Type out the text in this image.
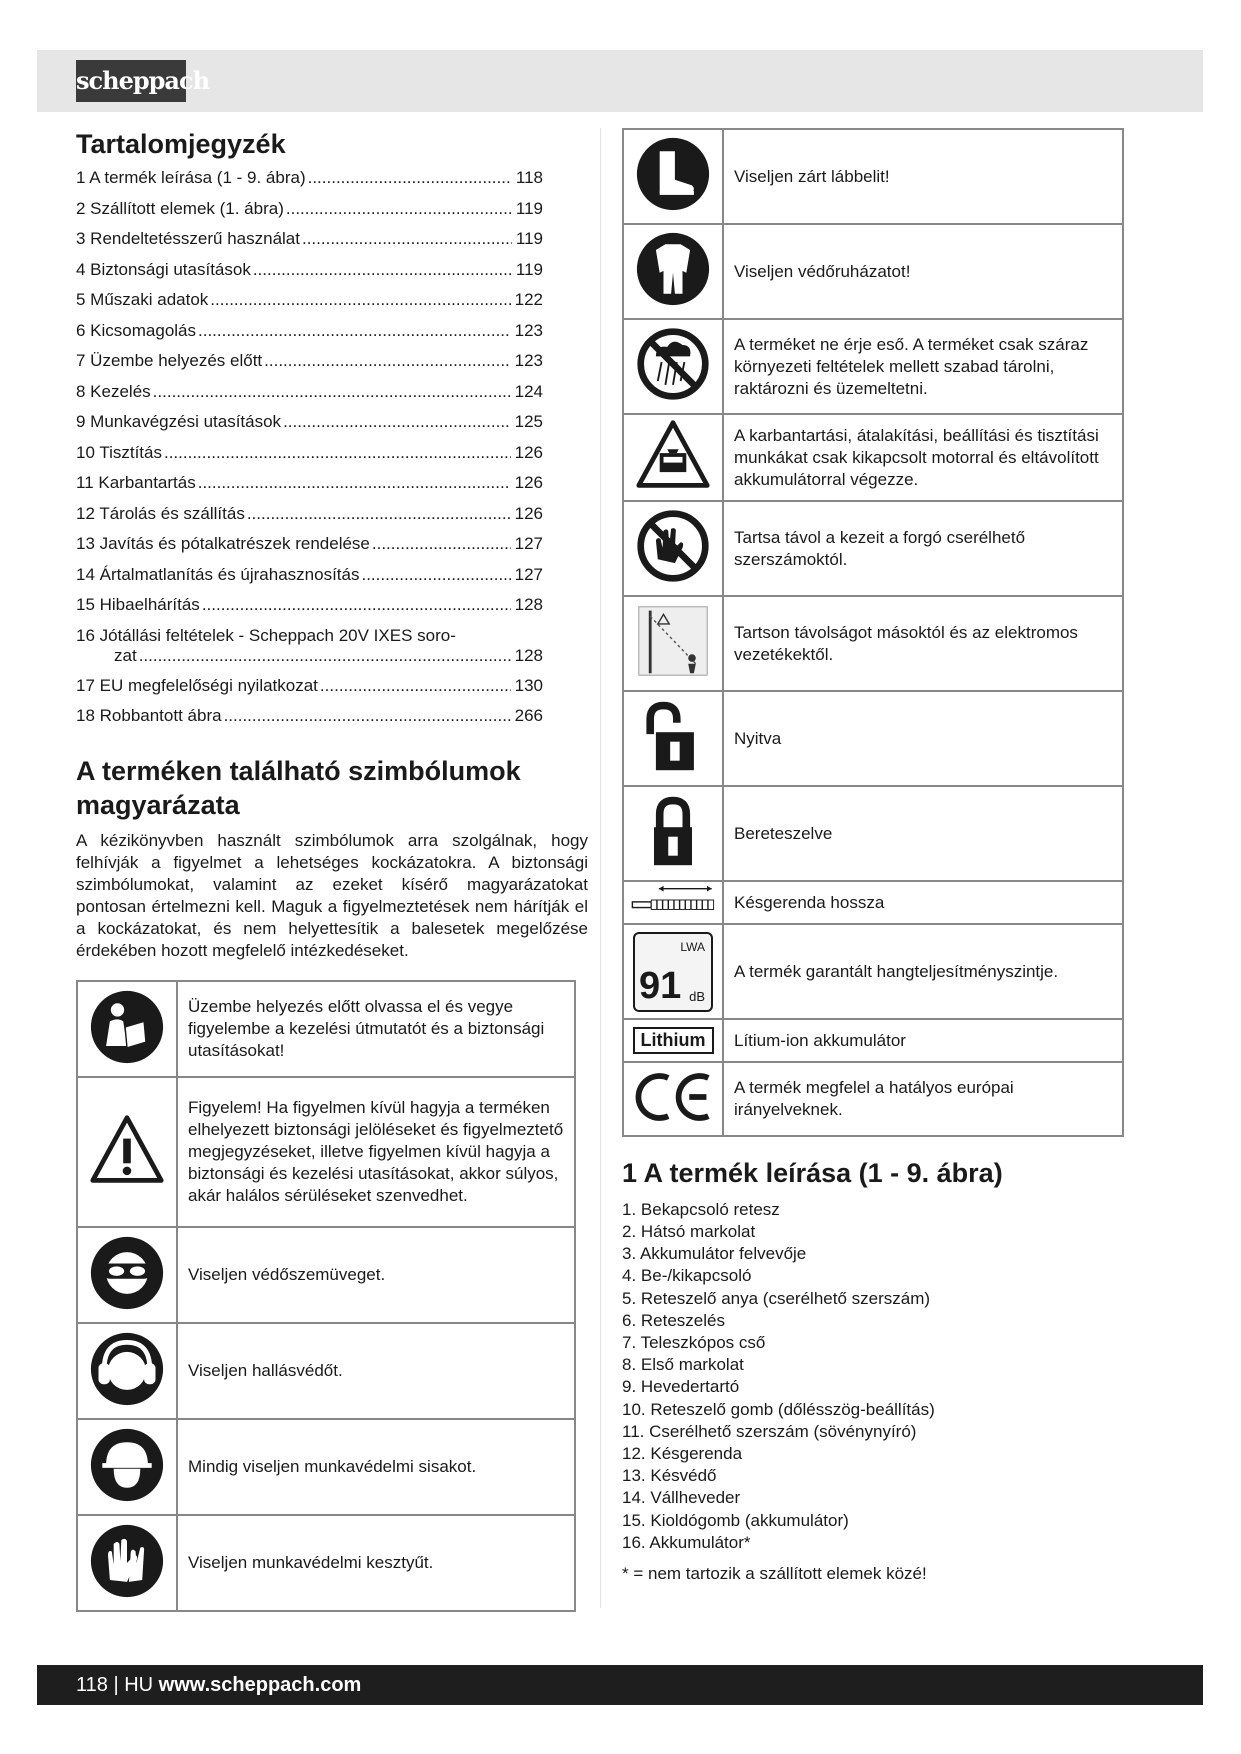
scheppach
Tartalomjegyzék
1 A termék leírása (1 - 9. ábra) .....	118
2 Szállított elemek (1. ábra) .....	119
3 Rendeltetésszerű használat .....	119
4 Biztonsági utasítások .....	119
5 Műszaki adatok .....	122
6 Kicsomagolás .....	123
7 Üzembe helyezés előtt .....	123
8 Kezelés .....	124
9 Munkavégzési utasítások .....	125
10 Tisztítás .....	126
11 Karbantartás .....	126
12 Tárolás és szállítás .....	126
13 Javítás és pótalkatrészek rendelése .....	127
14 Ártalmatlanítás és újrahasznosítás .....	127
15 Hibaelhárítás .....	128
16 Jótállási feltételek - Scheppach 20V IXES soro-
zat .....	128
17 EU megfelelőségi nyilatkozat .....	130
18 Robbantott ábra .....	266
A terméken található szimbólumok magyarázata

A kézikönyvben használt szimbólumok arra szolgálnak, hogy felhívják a figyelmet a lehetséges kockázatokra. A biztonsági szimbólumokat, valamint az ezeket kísérő magyarázatokat pontosan értelmezni kell. Maguk a figyelmeztetések nem hárítják el a kockázatokat, és nem helyettesítik a balesetek megelőzése érdekében hozott megfelelő intézkedéseket.

	Üzembe helyezés előtt olvassa el és vegye figyelembe a kezelési útmutatót és a biztonsági utasításokat!
	Figyelem! Ha figyelmen kívül hagyja a terméken elhelyezett biztonsági jelöléseket és figyelmeztető megjegyzéseket, illetve figyelmen kívül hagyja a biztonsági és kezelési utasításokat, akkor súlyos, akár halálos sérüléseket szenvedhet.
	Viseljen védőszemüveget.
	Viseljen hallásvédőt.
	Mindig viseljen munkavédelmi sisakot.
	Viseljen munkavédelmi kesztyűt.
	Viseljen zárt lábbelit!
	Viseljen védőruházatot!
	A terméket ne érje eső. A terméket csak száraz környezeti feltételek mellett szabad tárolni, raktározni és üzemeltetni.
	A karbantartási, átalakítási, beállítási és tisztítási munkákat csak kikapcsolt motorral és eltávolított akkumulátorral végezze.
	Tartsa távol a kezeit a forgó cserélhető szerszámoktól.
	Tartson távolságot másoktól és az elektromos vezetékektől.
	Nyitva
	Bereteszelve
	Késgerenda hossza

LWA
91 dB	A termék garantált hangteljesítményszintje.

Lithium	Lítium-ion akkumulátor
	A termék megfelel a hatályos európai irányelveknek.
1 A termék leírása (1 - 9. ábra)
1. Bekapcsoló retesz
2. Hátsó markolat
3. Akkumulátor felvevője
4. Be-/kikapcsoló
5. Reteszelő anya (cserélhető szerszám)
6. Reteszelés
7. Teleszkópos cső
8. Első markolat
9. Hevedertartó
10. Reteszelő gomb (dőlésszög-beállítás)
11. Cserélhető szerszám (sövénynyíró)
12. Késgerenda
13. Késvédő
14. Vállheveder
15. Kioldógomb (akkumulátor)
16. Akkumulátor*
* = nem tartozik a szállított elemek közé!
118 | HU www.scheppach.com
